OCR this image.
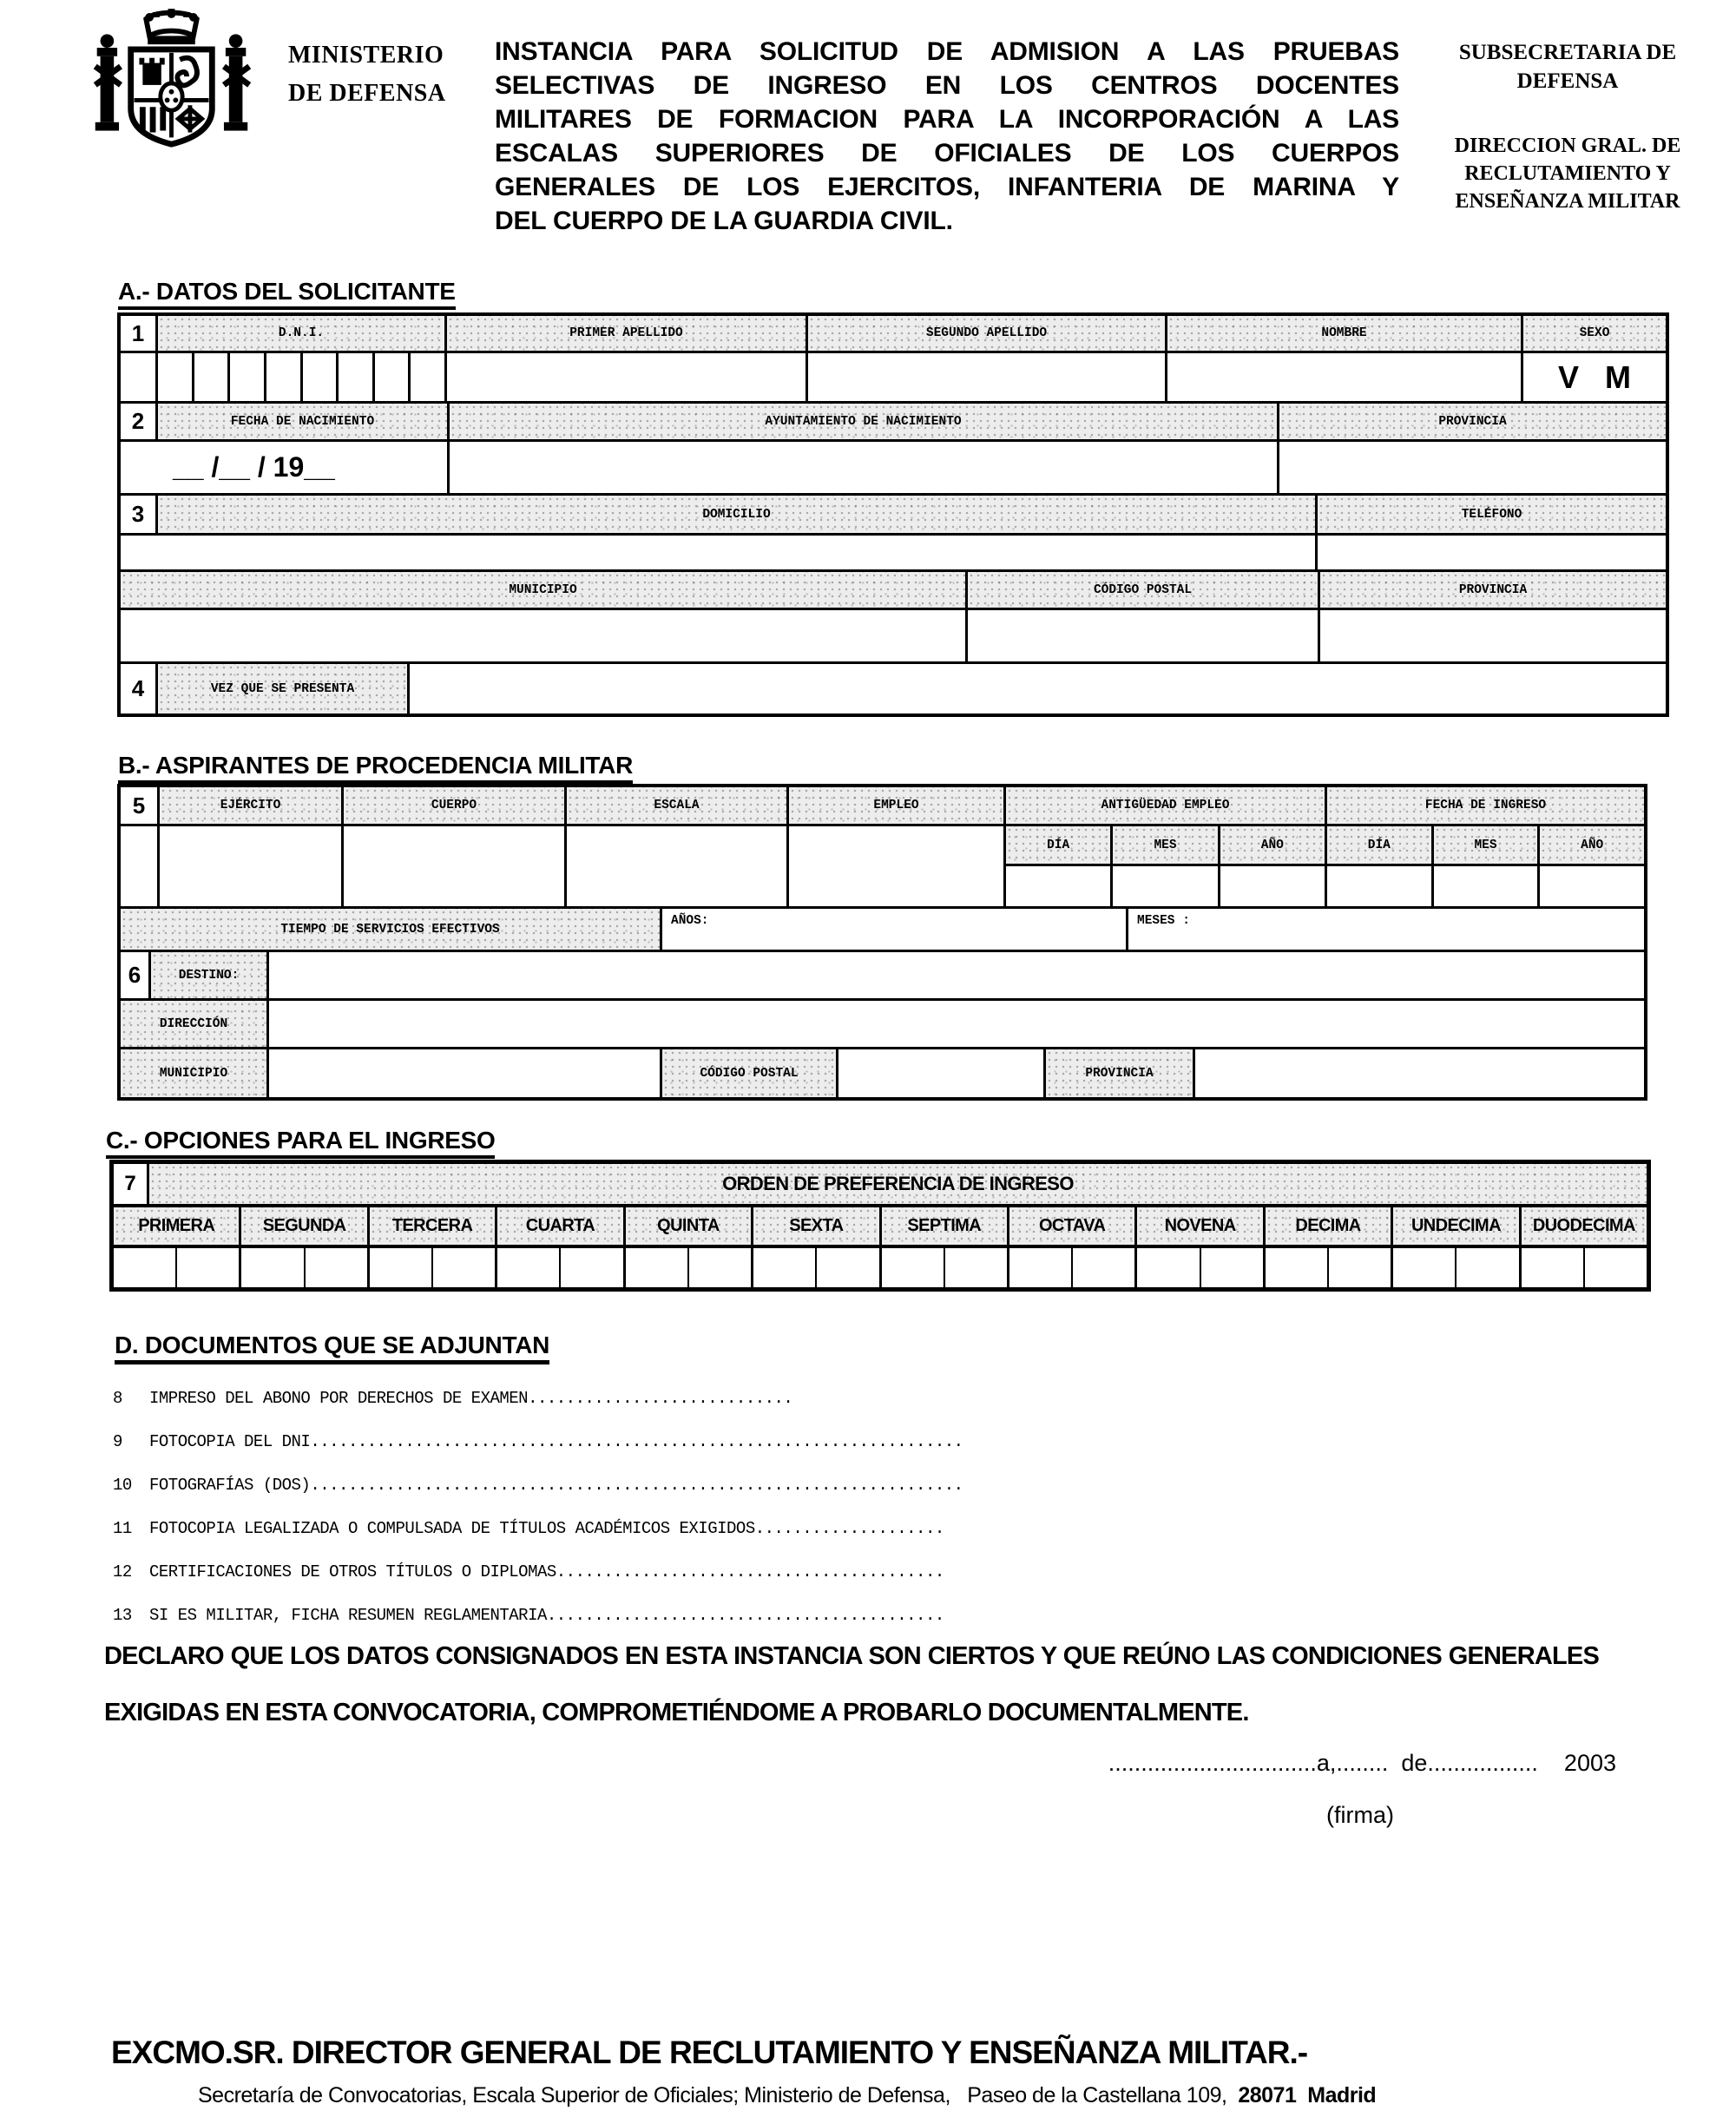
MINISTERIO
DE DEFENSA
INSTANCIA PARA SOLICITUD DE ADMISION A LAS PRUEBAS
SELECTIVAS DE INGRESO EN LOS CENTROS DOCENTES
MILITARES DE FORMACION PARA LA INCORPORACIÓN A LAS
ESCALAS SUPERIORES DE OFICIALES DE LOS CUERPOS
GENERALES DE LOS EJERCITOS, INFANTERIA DE MARINA Y
DEL CUERPO DE LA GUARDIA CIVIL.
SUBSECRETARIA DE DEFENSA
DIRECCION GRAL. DE RECLUTAMIENTO Y ENSEÑANZA MILITAR
A.- DATOS DEL SOLICITANTE
1	D.N.I.	PRIMER APELLIDO	SEGUNDO APELLIDO	NOMBRE	SEXO
V   M
2	FECHA DE NACIMIENTO	AYUNTAMIENTO DE NACIMIENTO	PROVINCIA
__ /__ / 19__
3	DOMICILIO	TELÉFONO
MUNICIPIO	CÓDIGO POSTAL	PROVINCIA
4	VEZ QUE SE PRESENTA
B.- ASPIRANTES DE PROCEDENCIA MILITAR
5	EJÉRCITO	CUERPO	ESCALA	EMPLEO	ANTIGÜEDAD EMPLEO
DÍA	MES	AÑO
FECHA DE INGRESO
DÍA	MES	AÑO
TIEMPO DE SERVICIOS EFECTIVOS
AÑOS:	MESES :
6	DESTINO:
DIRECCIÓN
MUNICIPIO	CÓDIGO POSTAL	PROVINCIA
C.- OPCIONES PARA EL INGRESO
7	ORDEN DE PREFERENCIA DE INGRESO
PRIMERA	SEGUNDA	TERCERA	CUARTA	QUINTA	SEXTA	SEPTIMA	OCTAVA	NOVENA	DECIMA	UNDECIMA	DUODECIMA
D. DOCUMENTOS QUE SE ADJUNTAN
8	IMPRESO DEL ABONO POR DERECHOS DE EXAMEN............................
9	FOTOCOPIA DEL DNI.....................................................................
10	FOTOGRAFÍAS (DOS).....................................................................
11	FOTOCOPIA LEGALIZADA O COMPULSADA DE TÍTULOS ACADÉMICOS EXIGIDOS....................
12	CERTIFICACIONES DE OTROS TÍTULOS O DIPLOMAS.........................................
13	SI ES MILITAR, FICHA RESUMEN REGLAMENTARIA..........................................
DECLARO QUE LOS DATOS CONSIGNADOS EN ESTA INSTANCIA SON CIERTOS Y QUE REÚNO LAS CONDICIONES GENERALES
EXIGIDAS EN ESTA CONVOCATORIA, COMPROMETIÉNDOME A PROBARLO DOCUMENTALMENTE.
................................a,........  de.................    2003
(firma)
EXCMO.SR. DIRECTOR GENERAL DE RECLUTAMIENTO Y ENSEÑANZA MILITAR.-
Secretaría de Convocatorias, Escala Superior de Oficiales; Ministerio de Defensa,   Paseo de la Castellana 109,  28071  Madrid
